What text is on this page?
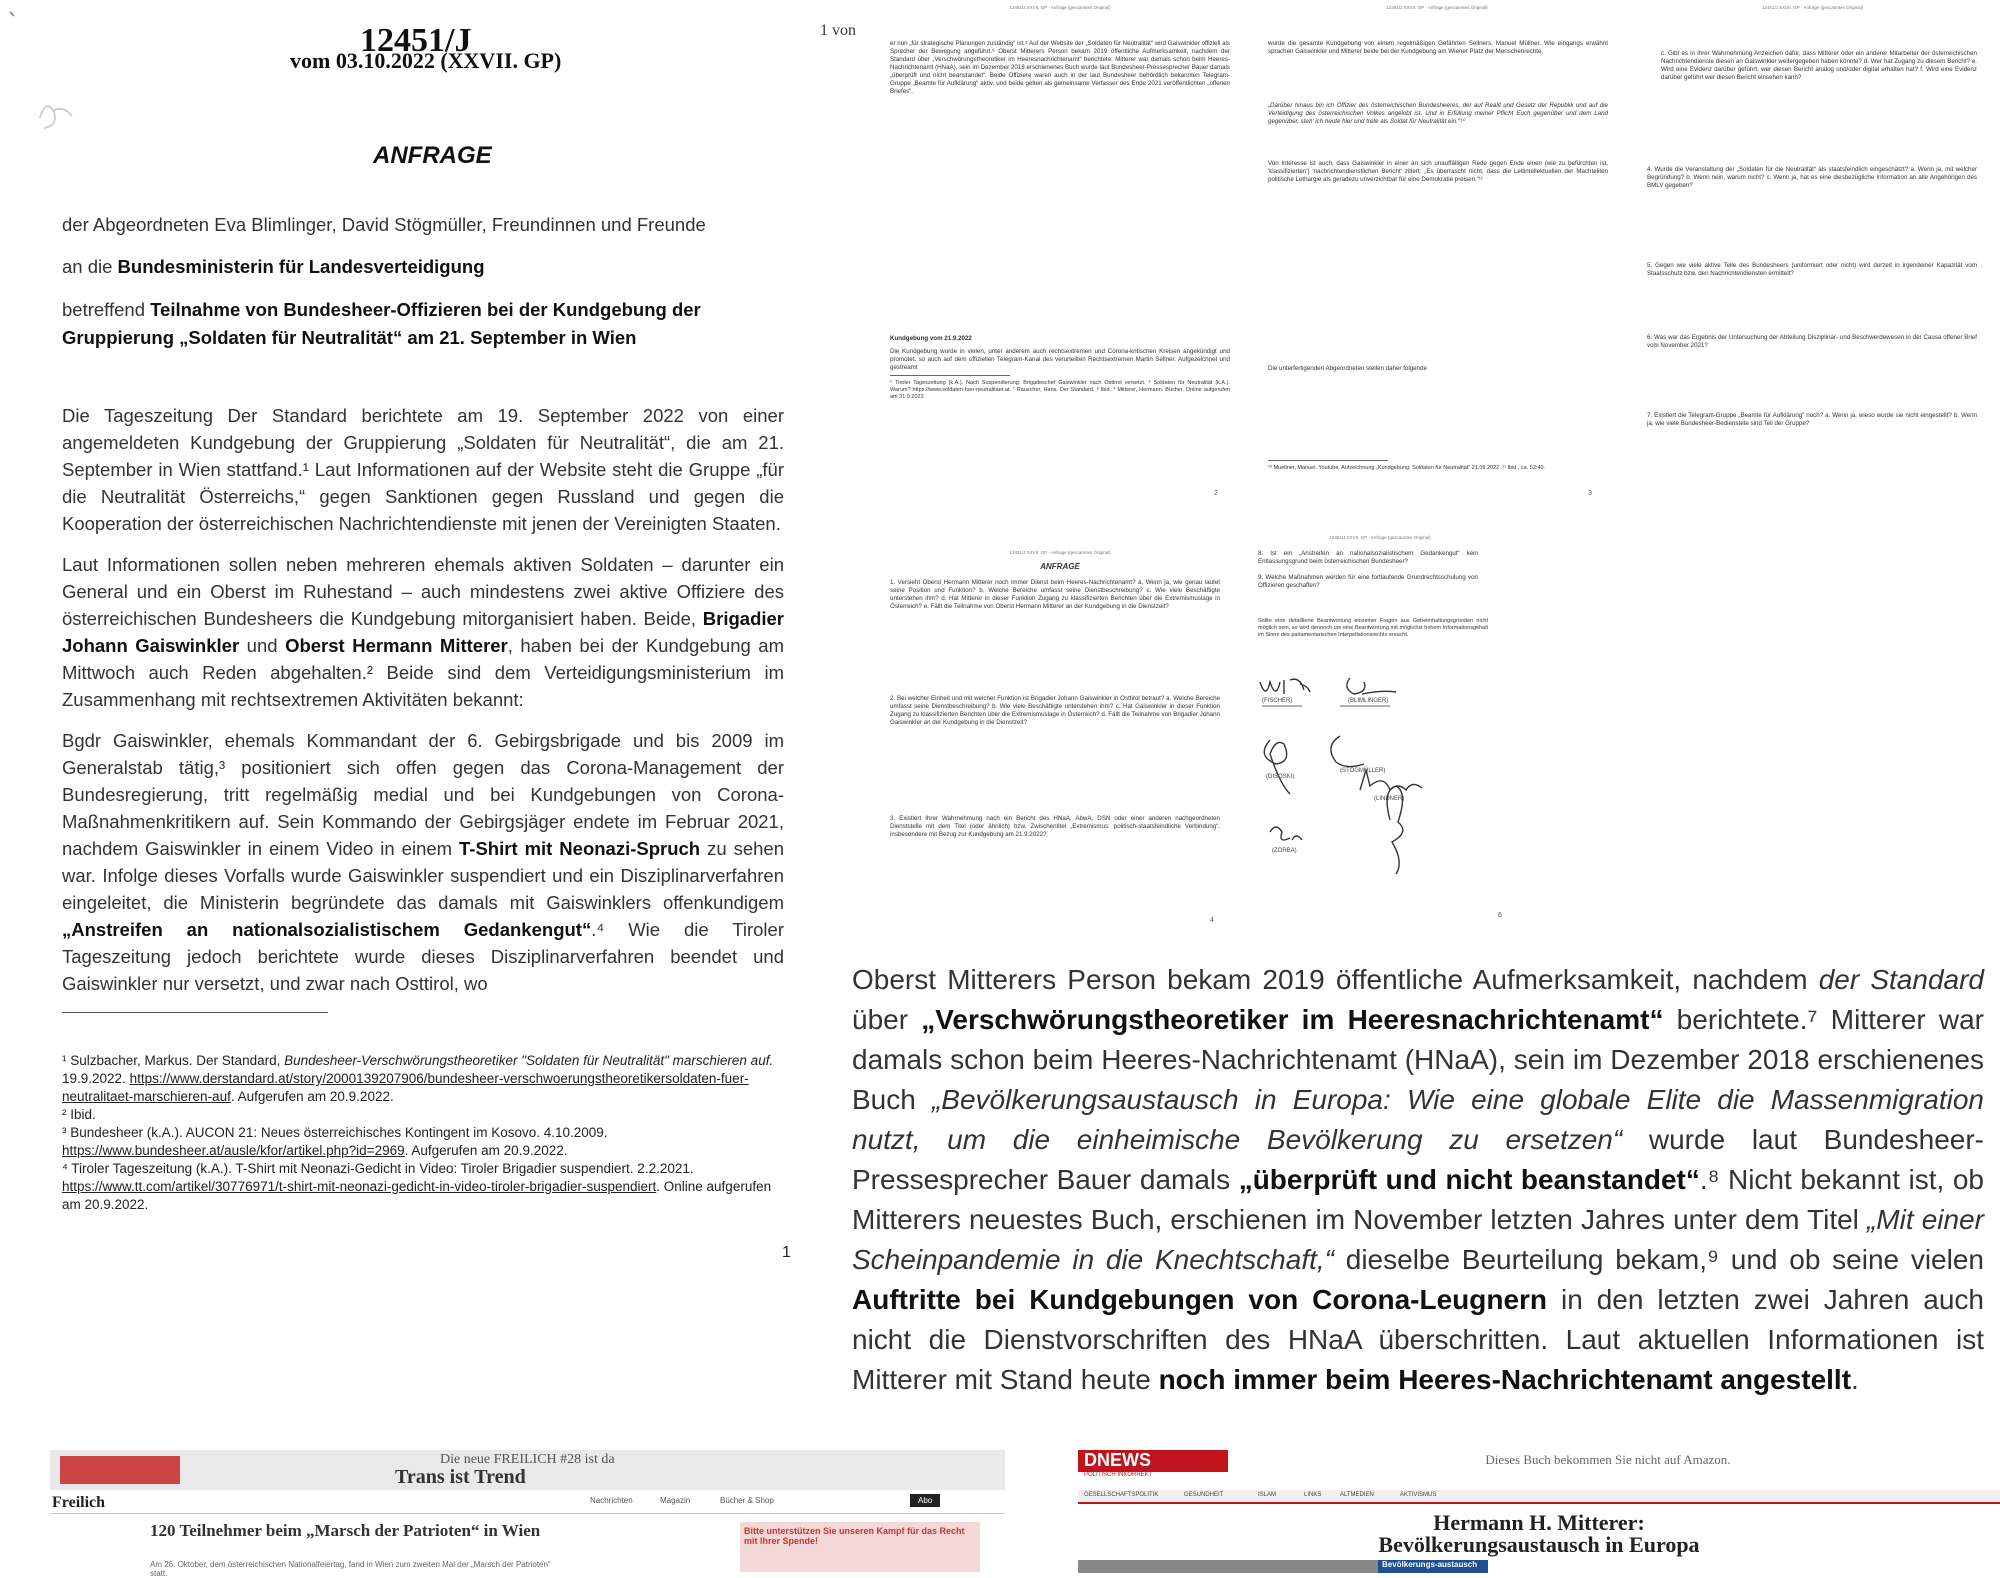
12451/J
vom 03.10.2022 (XXVII. GP)
ANFRAGE
der Abgeordneten Eva Blimlinger, David Stögmüller, Freundinnen und Freunde
an die Bundesministerin für Landesverteidigung
betreffend Teilnahme von Bundesheer-Offizieren bei der Kundgebung der Gruppierung „Soldaten für Neutralität“ am 21. September in Wien

Die Tageszeitung Der Standard berichtete am 19. September 2022 von einer angemeldeten Kundgebung der Gruppierung „Soldaten für Neutralität“, die am 21. September in Wien stattfand.¹ Laut Informationen auf der Website steht die Gruppe „für die Neutralität Österreichs,“ gegen Sanktionen gegen Russland und gegen die Kooperation der österreichischen Nachrichtendienste mit jenen der Vereinigten Staaten.

Laut Informationen sollen neben mehreren ehemals aktiven Soldaten – darunter ein General und ein Oberst im Ruhestand – auch mindestens zwei aktive Offiziere des österreichischen Bundesheers die Kundgebung mitorganisiert haben. Beide, Brigadier Johann Gaiswinkler und Oberst Hermann Mitterer, haben bei der Kundgebung am Mittwoch auch Reden abgehalten.² Beide sind dem Verteidigungsministerium im Zusammenhang mit rechtsextremen Aktivitäten bekannt:

Bgdr Gaiswinkler, ehemals Kommandant der 6. Gebirgsbrigade und bis 2009 im Generalstab tätig,³ positioniert sich offen gegen das Corona-Management der Bundesregierung, tritt regelmäßig medial und bei Kundgebungen von Corona-Maßnahmenkritikern auf. Sein Kommando der Gebirgsjäger endete im Februar 2021, nachdem Gaiswinkler in einem Video in einem T-Shirt mit Neonazi-Spruch zu sehen war. Infolge dieses Vorfalls wurde Gaiswinkler suspendiert und ein Disziplinarverfahren eingeleitet, die Ministerin begründete das damals mit Gaiswinklers offenkundigem „Anstreifen an nationalsozialistischem Gedankengut“.⁴ Wie die Tiroler Tageszeitung jedoch berichtete wurde dieses Disziplinarverfahren beendet und Gaiswinkler nur versetzt, und zwar nach Osttirol, wo

¹ Sulzbacher, Markus. Der Standard, Bundesheer-Verschwörungstheoretiker "Soldaten für Neutralität" marschieren auf. 19.9.2022. https://www.derstandard.at/story/2000139207906/bundesheer-verschwoerungstheoretikersoldaten-fuer-neutralitaet-marschieren-auf. Aufgerufen am 20.9.2022.
² Ibid.
³ Bundesheer (k.A.). AUCON 21: Neues österreichisches Kontingent im Kosovo. 4.10.2009.
https://www.bundesheer.at/ausle/kfor/artikel.php?id=2969. Aufgerufen am 20.9.2022.
⁴ Tiroler Tageszeitung (k.A.). T-Shirt mit Neonazi-Gedicht in Video: Tiroler Brigadier suspendiert. 2.2.2021. https://www.tt.com/artikel/30776971/t-shirt-mit-neonazi-gedicht-in-video-tiroler-brigadier-suspendiert. Online aufgerufen am 20.9.2022.
1
1 von
12451/J XXVII. GP - Anfrage (gescanntes Original)
er nun „für strategische Planungen zuständig“ ist.⁵ Auf der Website der „Soldaten für Neutralität“ wird Gaiswinkler offiziell als Sprecher der Bewegung angeführt.⁶ Oberst Mitterers Person bekam 2019 öffentliche Aufmerksamkeit, nachdem der Standard über „Verschwörungstheoretiker im Heeresnachrichtenamt“ berichtete. Mitterer war damals schon beim Heeres-Nachrichtenamt (HNaA), sein im Dezember 2018 erschienenes Buch wurde laut Bundesheer-Pressesprecher Bauer damals „überprüft und nicht beanstandet“. Beide Offiziere waren auch in der laut Bundesheer behördlich bekannten Telegram-Gruppe „Beamte für Aufklärung“ aktiv, und beide gelten als gemeinsame Verfasser des Ende 2021 veröffentlichten „offenen Briefes“.
Kundgebung vom 21.9.2022
Die Kundgebung wurde in vielen, unter anderem auch rechtsextremen und Corona-kritischen Kreisen angekündigt und promotet, so auch auf dem offiziellen Telegram-Kanal des verurteilten Rechtsextremen Martin Sellner. Aufgezeichnet und gestreamt
⁵ Tiroler Tageszeitung (k.A.). Nach Suspendierung: Brigadeschef Gaiswinkler nach Osttirol versetzt. ⁶ Soldaten für Neutralität (k.A.). Warum? https://www.soldaten-fuer-neutralitaet.at. ⁷ Rauscher, Hans. Der Standard. ⁸ Ibid. ⁹ Mitterer, Hermann. Bücher. Online aufgerufen am 21.9.2022.
2
12451/J XXVII. GP - Anfrage (gescanntes Original)
wurde die gesamte Kundgebung von einem regelmäßigen Gefährten Sellners, Manuel Müllner. Wie eingangs erwähnt sprachen Gaiswinkler und Mitterer beide bei der Kundgebung am Wiener Platz der Menschenrechte.
„Darüber hinaus bin ich Offizier des österreichischen Bundesheeres, der auf Realit und Gesetz der Republik und auf die Verteidigung des österreichischen Volkes angelobt ist. Und in Erfüllung meiner Pflicht Euch gegenüber und dem Land gegenüber, steh' ich heute hier und trete als Soldat für Neutralität ein.“¹⁰
Von Interesse ist auch, dass Gaiswinkler in einer an sich unauffälligen Rede gegen Ende einen (wie zu befürchten ist, 'klassifizierten') 'nachrichtendienstlichen Bericht' zitiert: „Es überrascht nicht, dass die Leitintellektuellen der Machteliten politische Lethargie als geradezu unverzichtbar für eine Demokratie preisen.“¹¹
Die unterfertigenden Abgeordneten stellen daher folgende
¹⁰ Muellner, Manuel. Youtube. Aufzeichnung „Kundgebung: Soldaten für Neutralität“ 21.09.2022. ¹¹ Ibid., ca. 52:40.
3
12451/J XXVII. GP - Anfrage (gescanntes Original)
c. Gibt es in Ihrer Wahrnehmung Anzeichen dafür, dass Mitterer oder ein anderer Mitarbeiter der österreichischen Nachrichtendienste diesen an Gaiswinkler weitergegeben haben könnte? d. Wer hat Zugang zu diesem Bericht? e. Wird eine Evidenz darüber geführt, wer diesen Bericht analog und/oder digital erhalten hat? f. Wird eine Evidenz darüber geführt wer diesen Bericht einsehen kann?
4. Wurde die Veranstaltung der „Soldaten für die Neutralität“ als staatsfeindlich eingeschätzt? a. Wenn ja, mit welcher Begründung? b. Wenn nein, warum nicht? c. Wenn ja, hat es eine diesbezügliche Information an alle Angehörigen des BMLV gegeben?
5. Gegen wie viele aktive Teile des Bundesheers (uniformiert oder nicht) wird derzeit in irgendeiner Kapazität vom Staatsschutz bzw. den Nachrichtendiensten ermittelt?
6. Was war das Ergebnis der Untersuchung der Abteilung Disziplinar- und Beschwerdewesen in der Causa offener Brief vom November 2021?
7. Existiert die Telegram-Gruppe „Beamte für Aufklärung“ noch? a. Wenn ja, wieso wurde sie nicht eingestellt? b. Wenn ja, wie viele Bundesheer-Bedienstete sind Teil der Gruppe?
12451/J XXVII. GP - Anfrage (gescanntes Original)
ANFRAGE
1. Versieht Oberst Hermann Mitterer noch immer Dienst beim Heeres-Nachrichtenamt? a. Wenn ja, wie genau lautet seine Position und Funktion? b. Welche Bereiche umfasst seine Dienstbeschreibung? c. Wie viele Beschäftigte unterstehen ihm? d. Hat Mitterer in dieser Funktion Zugang zu klassifizierten Berichten über die Extremismuslage in Österreich? e. Fällt die Teilnahme von Oberst Hermann Mitterer an der Kundgebung in die Dienstzeit?
2. Bei welcher Einheit und mit welcher Funktion ist Brigadier Johann Gaiswinkler in Osttirol betraut? a. Welche Bereiche umfasst seine Dienstbeschreibung? b. Wie viele Beschäftigte unterstehen ihm? c. Hat Gaiswinkler in dieser Funktion Zugang zu klassifizierten Berichten über die Extremismuslage in Österreich? d. Fällt die Teilnahme von Brigadier Johann Gaiswinkler an der Kundgebung in die Dienstzeit?
3. Existiert Ihrer Wahrnehmung nach ein Bericht des HNaA, AbwA, DSN oder einer anderen nachgeordneten Dienststelle mit dem Titel (oder ähnlich) bzw. Zwischentitel „Extremismus: politisch-staatsfeindliche Verbindung“, insbesondere mit Bezug zur Kundgebung am 21.9.2022?
4
12451/J XXVII. GP - Anfrage (gescanntes Original)
8. Ist ein „Anstreifen an nationalsozialistischem Gedankengut“ kein Entlassungsgrund beim österreichischen Bundesheer?
9. Welche Maßnahmen werden für eine fortlaufende Grundrechtsschulung von Offizieren geschaffen?
Sollte eine detaillierte Beantwortung einzelner Fragen aus Geheimhaltungsgründen nicht möglich sein, so wird dennoch um eine Beantwortung mit möglichst hohem Informationsgehalt im Sinne des parlamentarischen Interpellationsrechts ersucht.
(FISCHER)	(BLIMLINGER)
(DISOSKI)
(STÖGMÜLLER)
(LINDNER)
(ZORBA)
6
Oberst Mitterers Person bekam 2019 öffentliche Aufmerksamkeit, nachdem der Standard über „Verschwörungstheoretiker im Heeresnachrichtenamt“ berichtete.⁷ Mitterer war damals schon beim Heeres-Nachrichtenamt (HNaA), sein im Dezember 2018 erschienenes Buch „Bevölkerungsaustausch in Europa: Wie eine globale Elite die Massenmigration nutzt, um die einheimische Bevölkerung zu ersetzen“ wurde laut Bundesheer-Pressesprecher Bauer damals „überprüft und nicht beanstandet“.⁸ Nicht bekannt ist, ob Mitterers neuestes Buch, erschienen im November letzten Jahres unter dem Titel „Mit einer Scheinpandemie in die Knechtschaft,“ dieselbe Beurteilung bekam,⁹ und ob seine vielen Auftritte bei Kundgebungen von Corona-Leugnern in den letzten zwei Jahren auch nicht die Dienstvorschriften des HNaA überschritten. Laut aktuellen Informationen ist Mitterer mit Stand heute noch immer beim Heeres-Nachrichtenamt angestellt.
Die neue FREILICH #28 ist da
Trans ist Trend
Freilich	Nachrichten	Magazin	Bücher & Shop	Abo
120 Teilnehmer beim „Marsch der Patrioten“ in Wien
Am 26. Oktober, dem österreichischen Nationalfeiertag, fand in Wien zum zweiten Mal der „Marsch der Patrioten“ statt.
Bitte unterstützen Sie unseren Kampf für das Recht mit Ihrer Spende!
DNEWS
POLITISCH INKORREKT
Dieses Buch bekommen Sie nicht auf Amazon.
GESELLSCHAFTSPOLITIK	GESUNDHEIT	ISLAM	LINKS	ALTMEDIEN	AKTIVISMUS
Hermann H. Mitterer:
Bevölkerungsaustausch in Europa
Bevölkerungs-austausch
